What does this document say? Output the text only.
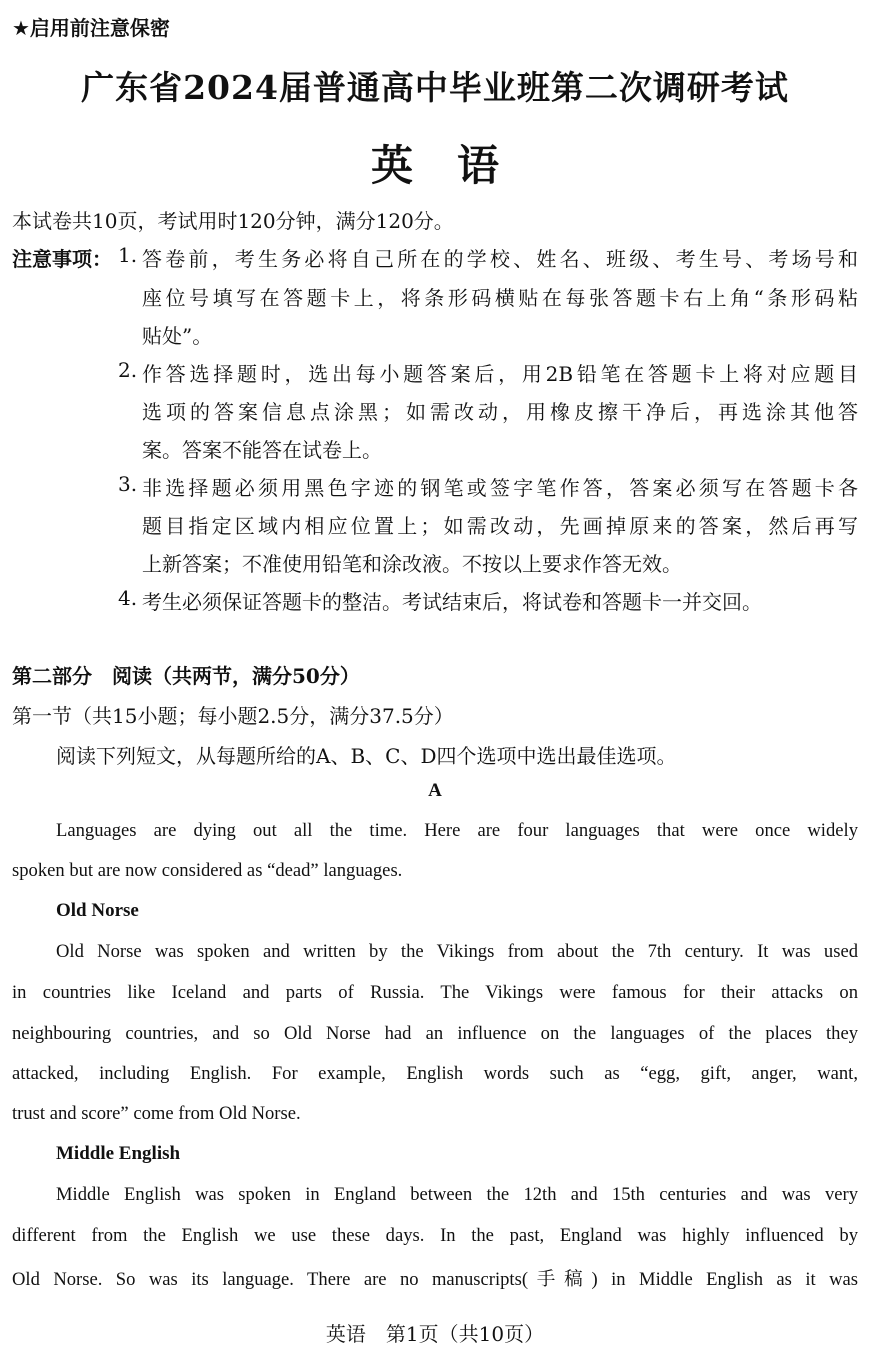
★启用前注意保密
广东省2024届普通高中毕业班第二次调研考试
英语
本试卷共10页，考试用时120分钟，满分120分。
注意事项： 1. 答卷前，考生务必将自己所在的学校、姓名、班级、考生号、考场号和
座位号填写在答题卡上，将条形码横贴在每张答题卡右上角“条形码粘
贴处”。
2. 作答选择题时，选出每小题答案后，用2B铅笔在答题卡上将对应题目
选项的答案信息点涂黑；如需改动，用橡皮擦干净后，再选涂其他答
案。答案不能答在试卷上。
3. 非选择题必须用黑色字迹的钢笔或签字笔作答，答案必须写在答题卡各
题目指定区域内相应位置上；如需改动，先画掉原来的答案，然后再写
上新答案；不准使用铅笔和涂改液。不按以上要求作答无效。
4. 考生必须保证答题卡的整洁。考试结束后，将试卷和答题卡一并交回。
第二部分　阅读（共两节，满分50分）
第一节（共15小题；每小题2.5分，满分37.5分）
阅读下列短文，从每题所给的A、B、C、D四个选项中选出最佳选项。
A
Languages are dying out all the time. Here are four languages that were once widely
spoken but are now considered as “dead” languages.
Old Norse
Old Norse was spoken and written by the Vikings from about the 7th century. It was used
in countries like Iceland and parts of Russia. The Vikings were famous for their attacks on
neighbouring countries, and so Old Norse had an influence on the languages of the places they
attacked, including English. For example, English words such as “egg, gift, anger, want,
trust and score” come from Old Norse.
Middle English
Middle English was spoken in England between the 12th and 15th centuries and was very
different from the English we use these days. In the past, England was highly influenced by
Old Norse. So was its language. There are no manuscripts(手稿) in Middle English as it was
英语　第1页（共10页）
